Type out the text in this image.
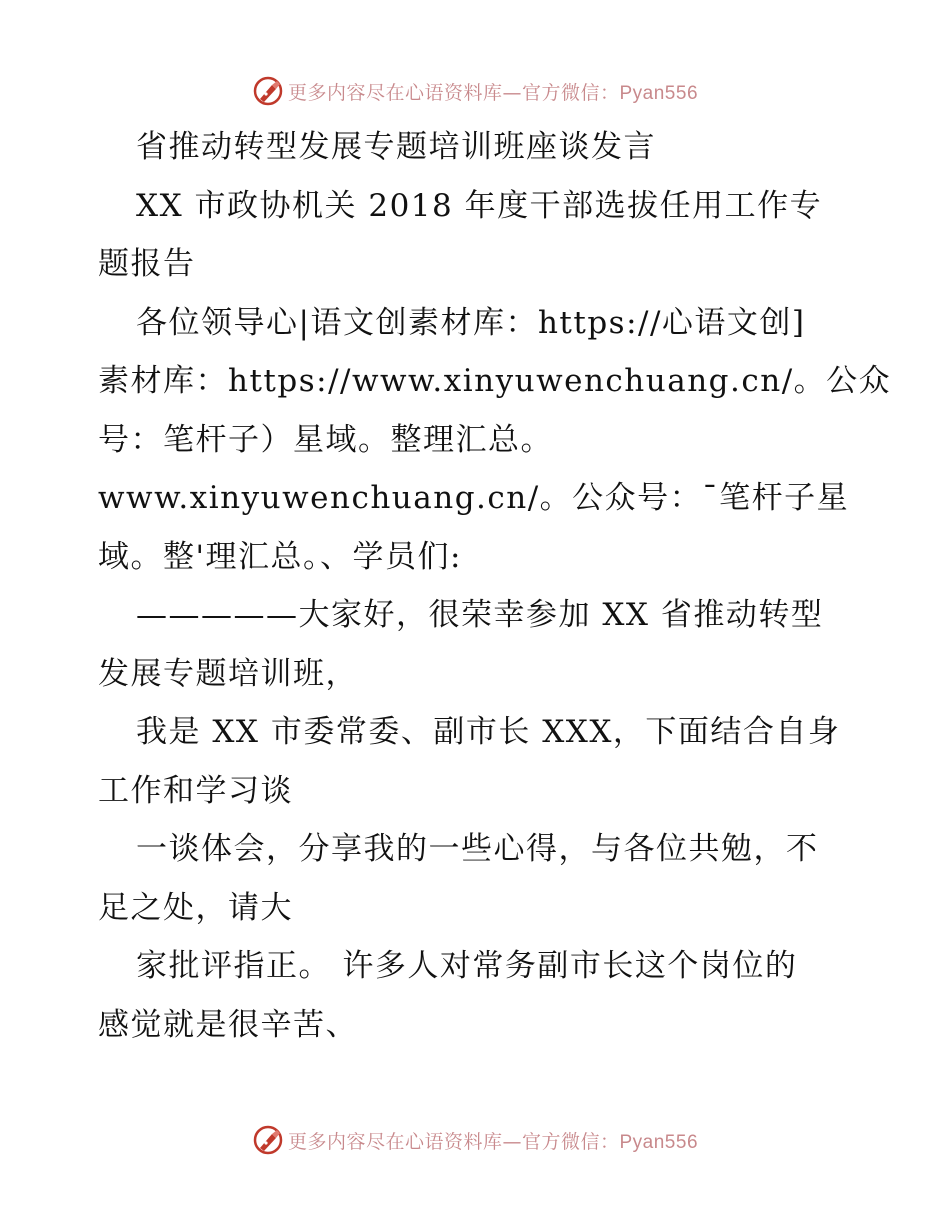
更多内容尽在心语资料库—官方微信：Pyan556
省推动转型发展专题培训班座谈发言
XX 市政协机关 2018 年度干部选拔任用工作专
题报告
各位领导心|语文创素材库：https://心语文创]
素材库：https://www.xinyuwenchuang.cn/。公众
号：笔杆子）星域。整理汇总。
www.xinyuwenchuang.cn/。公众号：¯笔杆子星
域。整'理汇总。、学员们:
—————大家好，很荣幸参加 XX 省推动转型
发展专题培训班，
我是 XX 市委常委、副市长 XXX，下面结合自身
工作和学习谈
一谈体会，分享我的一些心得，与各位共勉，不
足之处，请大
家批评指正。 许多人对常务副市长这个岗位的
感觉就是很辛苦、
更多内容尽在心语资料库—官方微信：Pyan556
